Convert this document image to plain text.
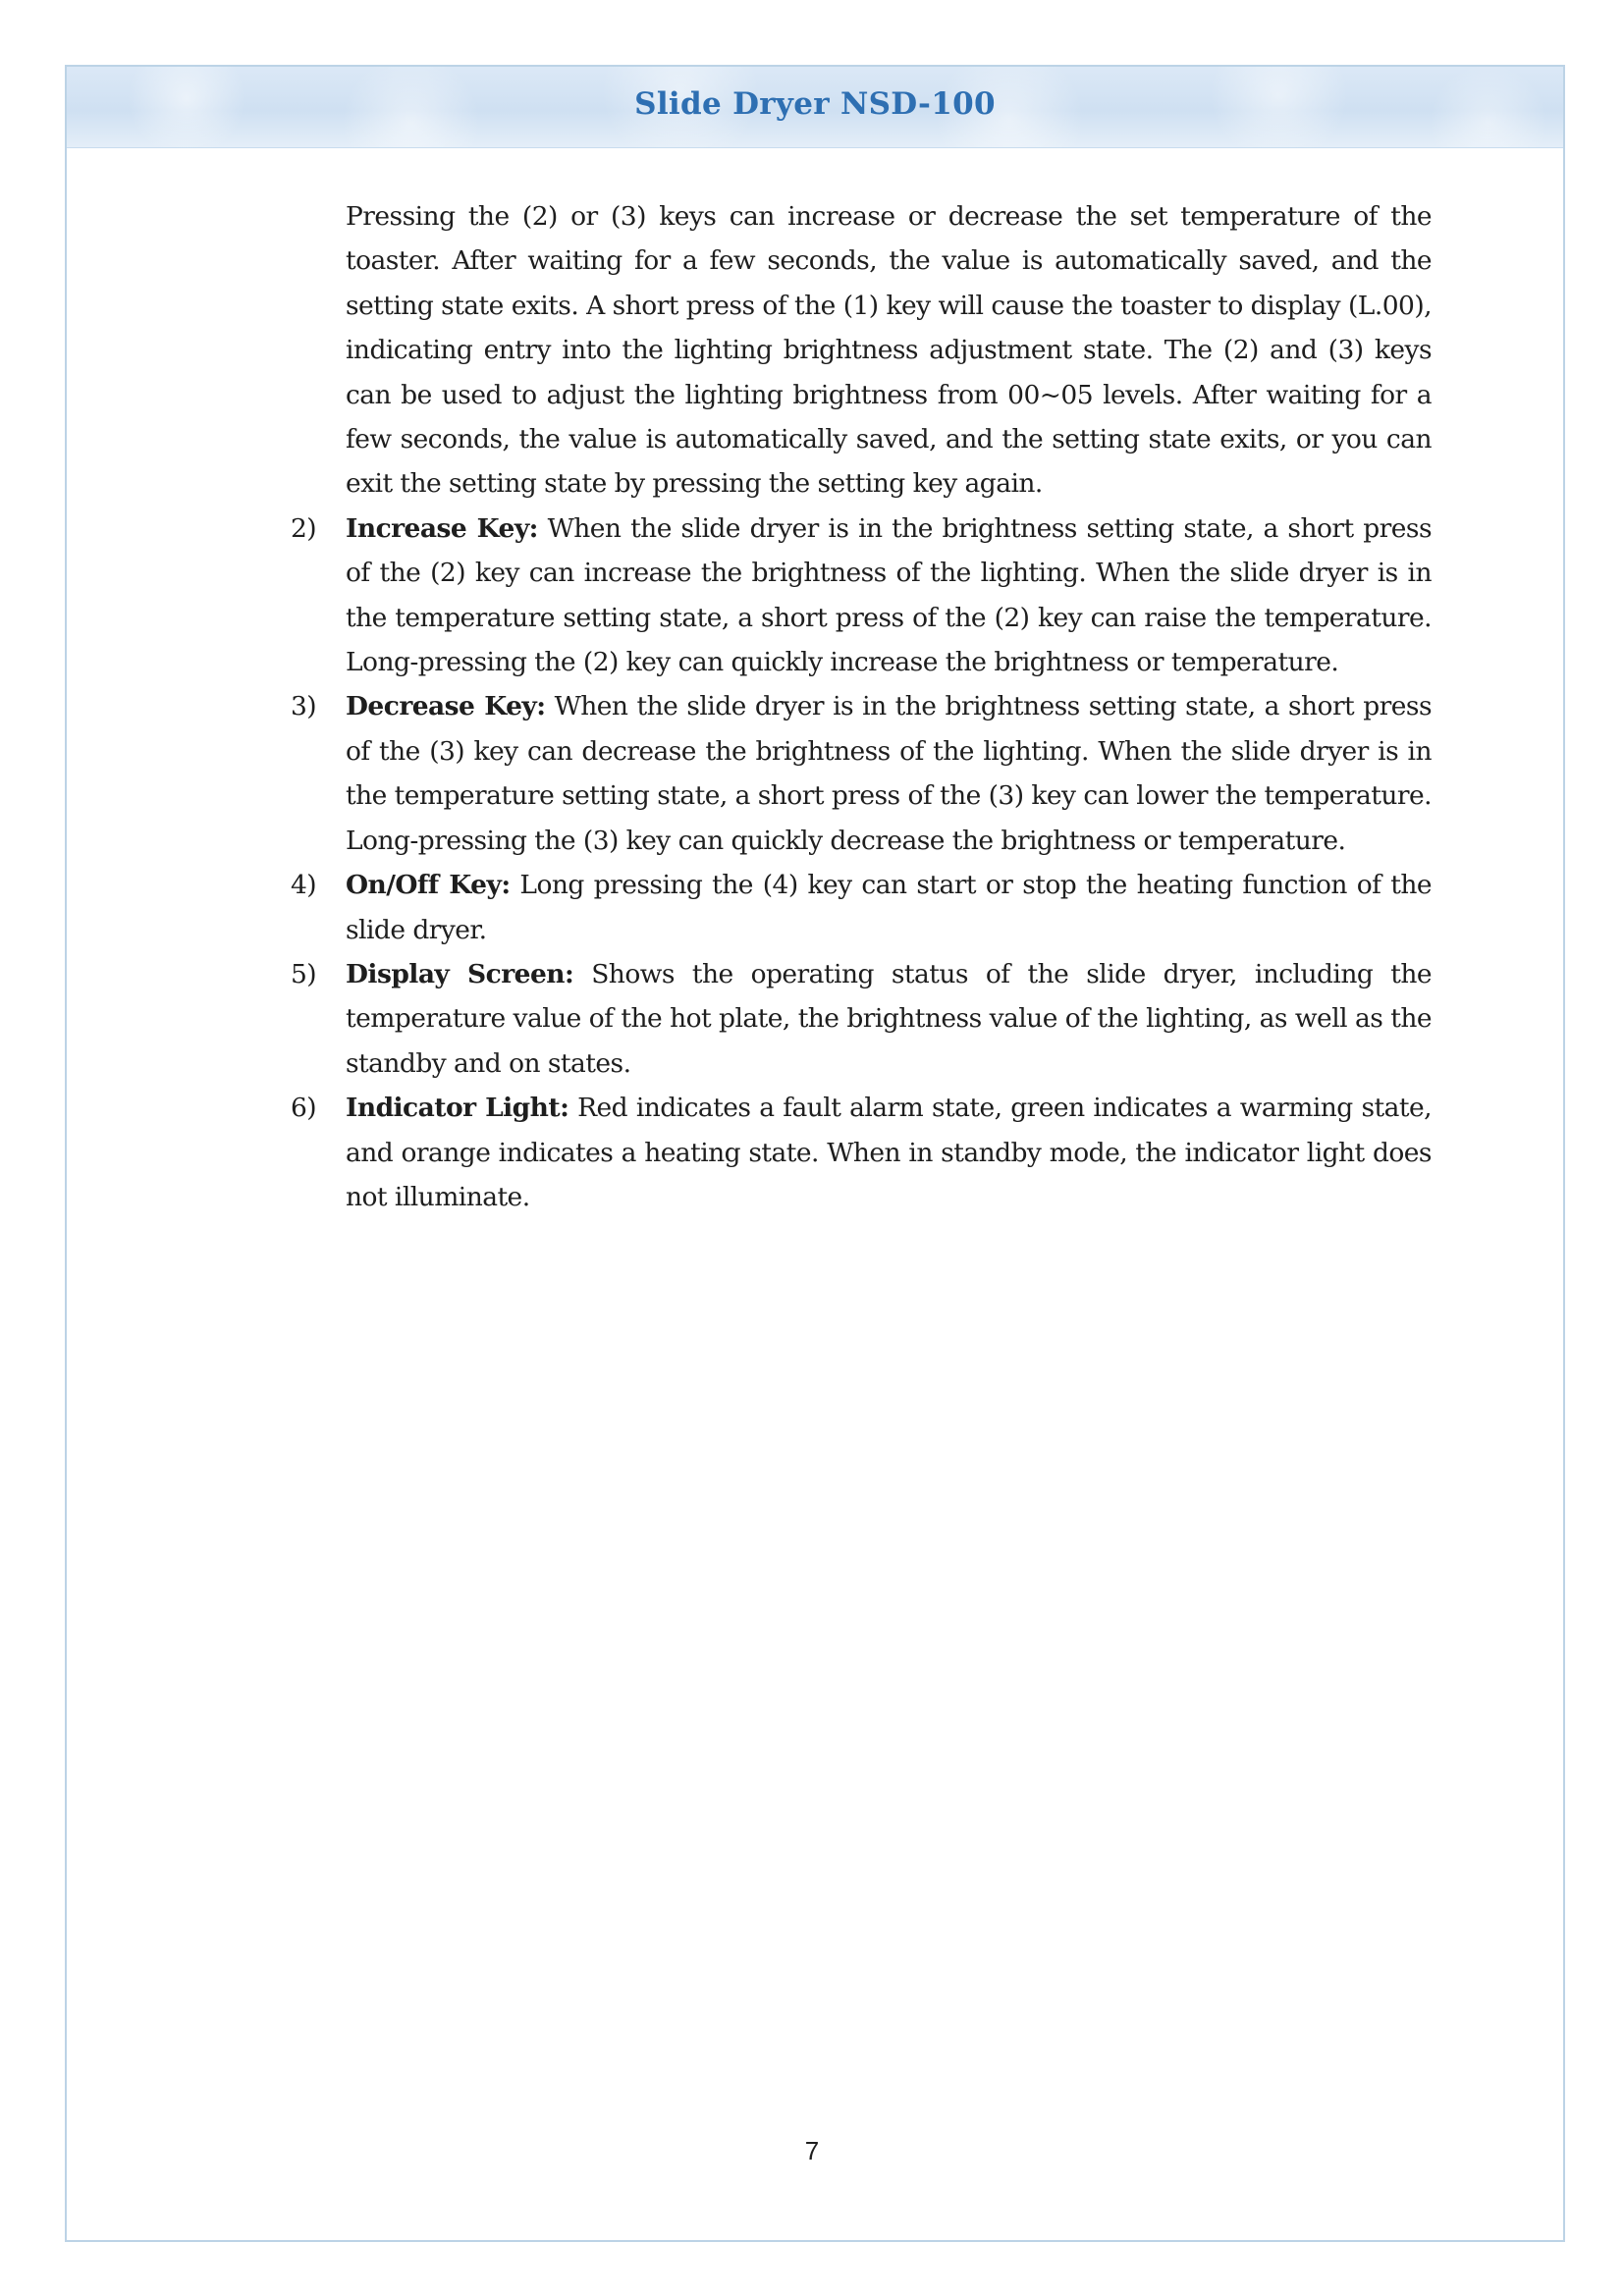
Slide Dryer NSD-100

Pressing the (2) or (3) keys can increase or decrease the set temperature of the toaster. After waiting for a few seconds, the value is automatically saved, and the setting state exits. A short press of the (1) key will cause the toaster to display (L.00), indicating entry into the lighting brightness adjustment state. The (2) and (3) keys can be used to adjust the lighting brightness from 00~05 levels. After waiting for a few seconds, the value is automatically saved, and the setting state exits, or you can exit the setting state by pressing the setting key again.

2)	Increase Key: When the slide dryer is in the brightness setting state, a short press of the (2) key can increase the brightness of the lighting. When the slide dryer is in the temperature setting state, a short press of the (2) key can raise the temperature. Long-pressing the (2) key can quickly increase the brightness or temperature.
3)	Decrease Key: When the slide dryer is in the brightness setting state, a short press of the (3) key can decrease the brightness of the lighting. When the slide dryer is in the temperature setting state, a short press of the (3) key can lower the temperature. Long-pressing the (3) key can quickly decrease the brightness or temperature.
4)	On/Off Key: Long pressing the (4) key can start or stop the heating function of the slide dryer.
5)	Display Screen: Shows the operating status of the slide dryer, including the temperature value of the hot plate, the brightness value of the lighting, as well as the standby and on states.
6)	Indicator Light: Red indicates a fault alarm state, green indicates a warming state, and orange indicates a heating state. When in standby mode, the indicator light does not illuminate.
7
